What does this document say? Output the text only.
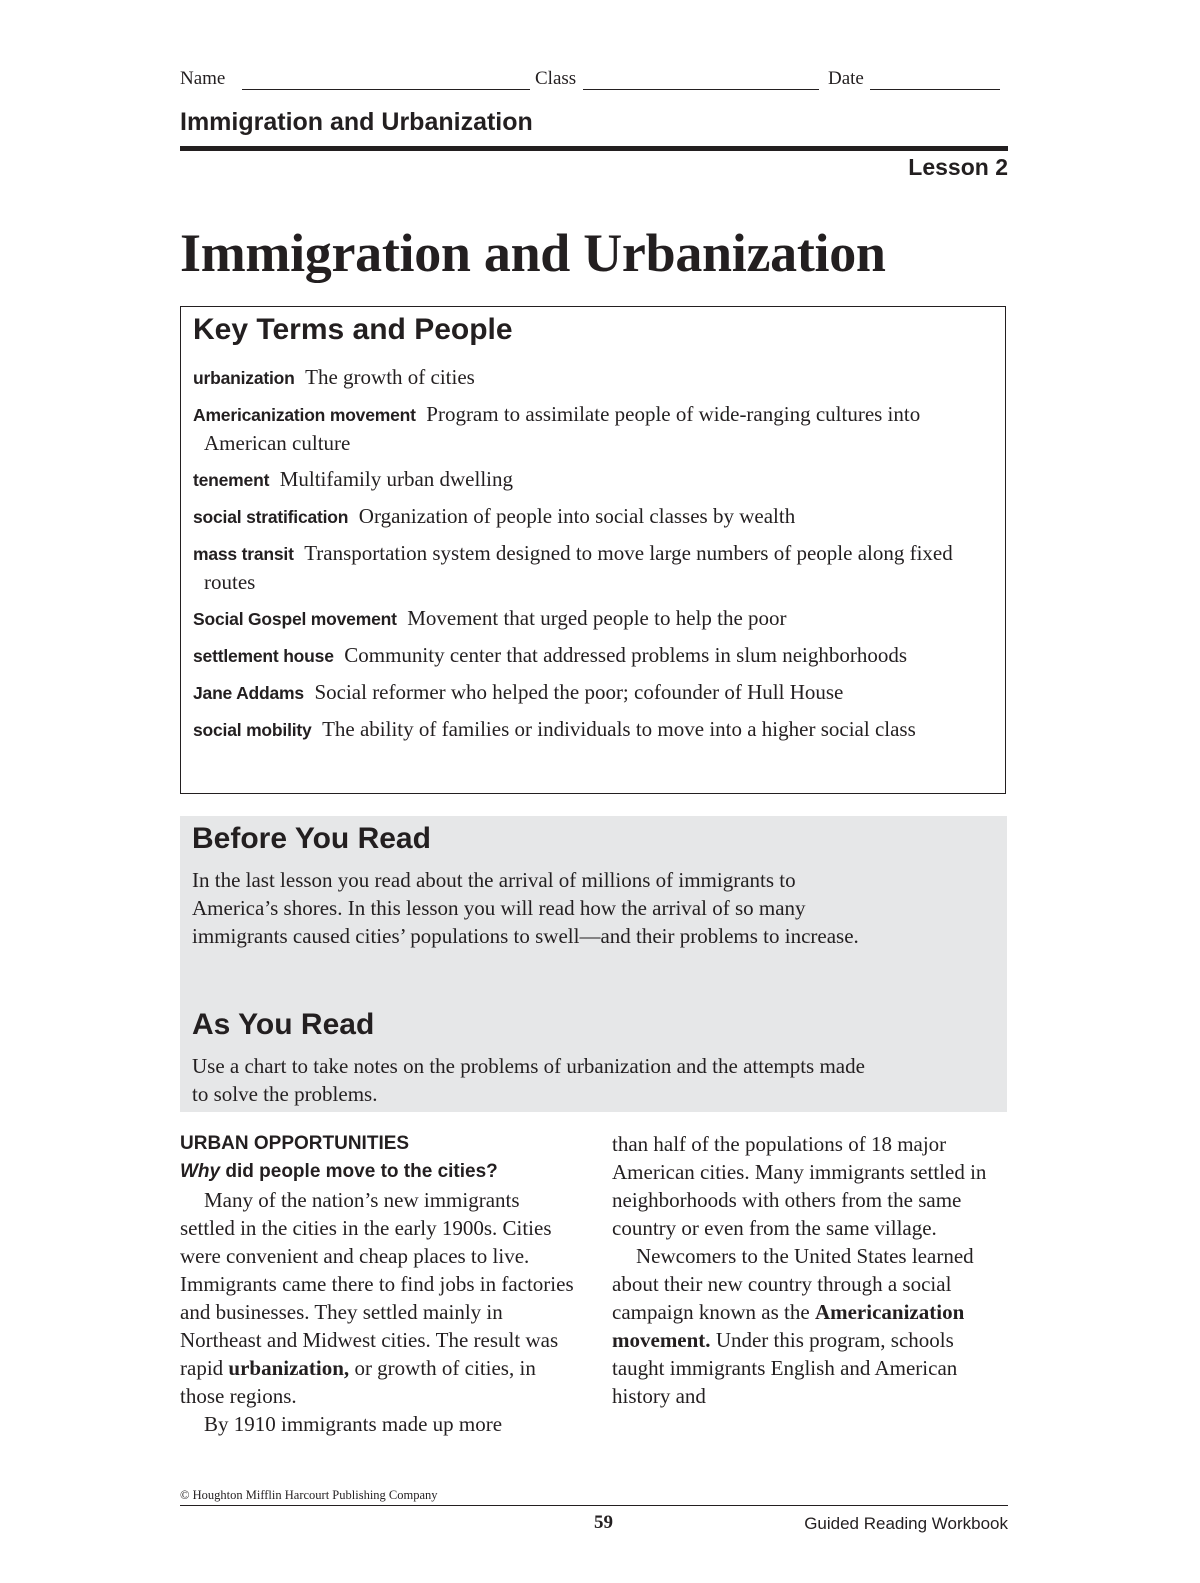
Name	Class	Date
Immigration and Urbanization
Lesson 2
Immigration and Urbanization
Key Terms and People
urbanization The growth of cities
Americanization movement Program to assimilate people of wide-ranging cultures into American culture
tenement Multifamily urban dwelling
social stratification Organization of people into social classes by wealth
mass transit Transportation system designed to move large numbers of people along fixed routes
Social Gospel movement Movement that urged people to help the poor
settlement house Community center that addressed problems in slum neighborhoods
Jane Addams Social reformer who helped the poor; cofounder of Hull House
social mobility The ability of families or individuals to move into a higher social class
Before You Read

In the last lesson you read about the arrival of millions of immigrants to America’s shores. In this lesson you will read how the arrival of so many immigrants caused cities’ populations to swell—and their problems to increase.

As You Read

Use a chart to take notes on the problems of urbanization and the attempts made to solve the problems.

URBAN OPPORTUNITIES
Why did people move to the cities?

Many of the nation’s new immigrants settled in the cities in the early 1900s. Cities were convenient and cheap places to live. Immigrants came there to find jobs in factories and businesses. They settled mainly in Northeast and Midwest cities. The result was rapid urbanization, or growth of cities, in those regions.

By 1910 immigrants made up more

than half of the populations of 18 major American cities. Many immigrants settled in neighborhoods with others from the same country or even from the same village.

Newcomers to the United States learned about their new country through a social campaign known as the Americanization movement. Under this program, schools taught immigrants English and American history and

© Houghton Mifflin Harcourt Publishing Company
59	Guided Reading Workbook
